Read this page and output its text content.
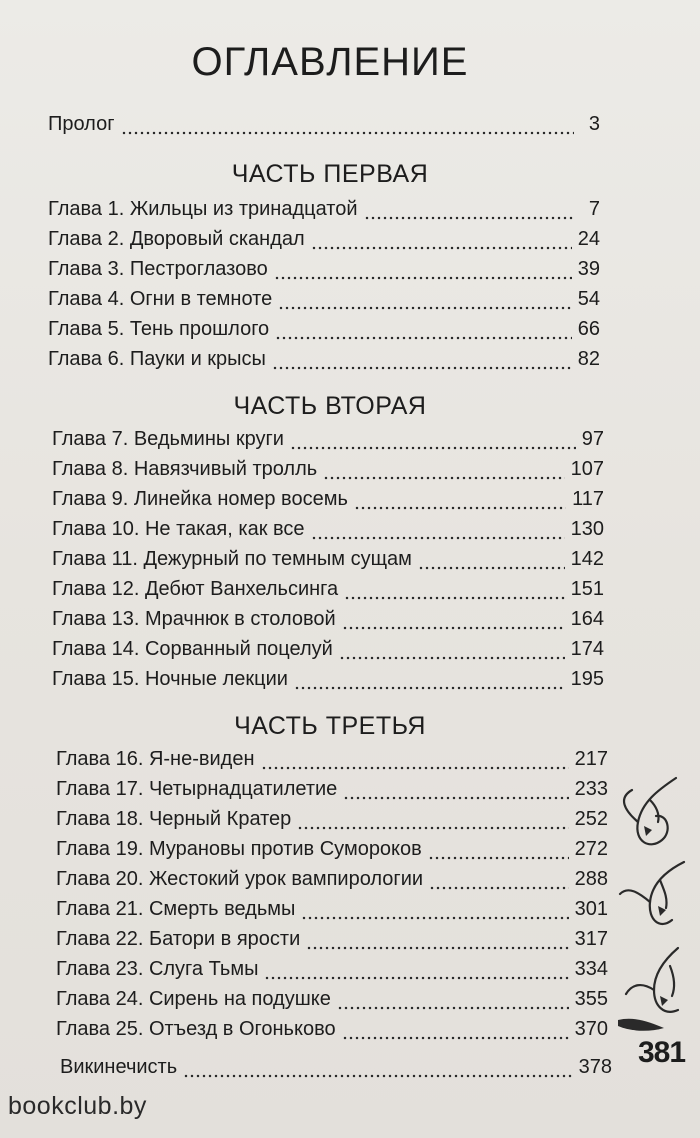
ОГЛАВЛЕНИЕ
Пролог	3
ЧАСТЬ ПЕРВАЯ
Глава 1. Жильцы из тринадцатой	7
Глава 2. Дворовый скандал	24
Глава 3. Пестроглазово	39
Глава 4. Огни в темноте	54
Глава 5. Тень прошлого	66
Глава 6. Пауки и крысы	82
ЧАСТЬ ВТОРАЯ
Глава 7. Ведьмины круги	97
Глава 8. Навязчивый тролль	107
Глава 9. Линейка номер восемь	117
Глава 10. Не такая, как все	130
Глава 11. Дежурный по темным сущам	142
Глава 12. Дебют Ванхельсинга	151
Глава 13. Мрачнюк в столовой	164
Глава 14. Сорванный поцелуй	174
Глава 15. Ночные лекции	195
ЧАСТЬ ТРЕТЬЯ
Глава 16. Я-не-виден	217
Глава 17. Четырнадцатилетие	233
Глава 18. Черный Кратер	252
Глава 19. Мурановы против Сумороков	272
Глава 20. Жестокий урок вампирологии	288
Глава 21. Смерть ведьмы	301
Глава 22. Батори в ярости	317
Глава 23. Слуга Тьмы	334
Глава 24. Сирень на подушке	355
Глава 25. Отъезд в Огоньково	370
Викинечисть	378 381
bookclub.by
